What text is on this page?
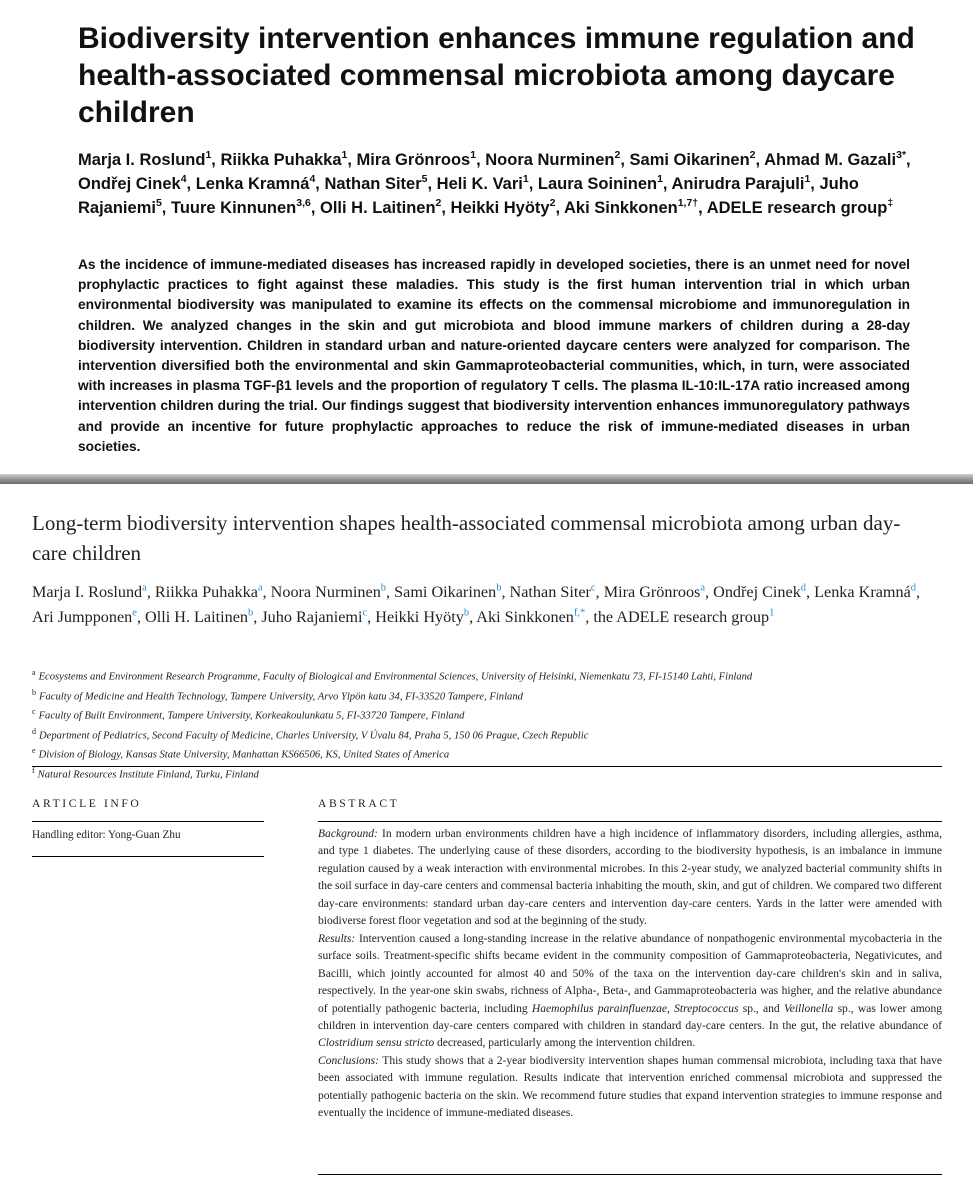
Biodiversity intervention enhances immune regulation and health-associated commensal microbiota among daycare children
Marja I. Roslund$^1$, Riikka Puhakka$^1$, Mira Grönroos$^1$, Noora Nurminen$^2$, Sami Oikarinen$^2$, Ahmad M. Gazali$^{3*}$, Ondřej Cinek$^4$, Lenka Kramná$^4$, Nathan Siter$^5$, Heli K. Vari$^1$, Laura Soininen$^1$, Anirudra Parajuli$^1$, Juho Rajaniemi$^5$, Tuure Kinnunen$^{3,6}$, Olli H. Laitinen$^2$, Heikki Hyöty$^2$, Aki Sinkkonen$^{1,7\dagger}$, ADELE research group‡

As the incidence of immune-mediated diseases has increased rapidly in developed societies, there is an unmet need for novel prophylactic practices to fight against these maladies. This study is the first human intervention trial in which urban environmental biodiversity was manipulated to examine its effects on the commensal microbiome and immunoregulation in children. We analyzed changes in the skin and gut microbiota and blood immune markers of children during a 28-day biodiversity intervention. Children in standard urban and nature-oriented daycare centers were analyzed for comparison. The intervention diversified both the environmental and skin Gammaproteobacterial communities, which, in turn, were associated with increases in plasma TGF-β1 levels and the proportion of regulatory T cells. The plasma IL-10:IL-17A ratio increased among intervention children during the trial. Our findings suggest that biodiversity intervention enhances immunoregulatory pathways and provide an incentive for future prophylactic approaches to reduce the risk of immune-mediated diseases in urban societies.

Long-term biodiversity intervention shapes health-associated commensal microbiota among urban day-care children
Marja I. Roslund$^a$, Riikka Puhakka$^a$, Noora Nurminen$^b$, Sami Oikarinen$^b$, Nathan Siter$^c$, Mira Grönroos$^a$, Ondřej Cinek$^d$, Lenka Kramná$^d$, Ari Jumpponen$^e$, Olli H. Laitinen$^b$, Juho Rajaniemi$^c$, Heikki Hyöty$^b$, Aki Sinkkonen$^{f,*}$, the ADELE research group$^1$
$^a$ Ecosystems and Environment Research Programme, Faculty of Biological and Environmental Sciences, University of Helsinki, Niemenkatu 73, FI-15140 Lahti, Finland
$^b$ Faculty of Medicine and Health Technology, Tampere University, Arvo Ylpön katu 34, FI-33520 Tampere, Finland
$^c$ Faculty of Built Environment, Tampere University, Korkeakoulunkatu 5, FI-33720 Tampere, Finland
$^d$ Department of Pediatrics, Second Faculty of Medicine, Charles University, V Úvalu 84, Praha 5, 150 06 Prague, Czech Republic
$^e$ Division of Biology, Kansas State University, Manhattan KS66506, KS, United States of America
$^f$ Natural Resources Institute Finland, Turku, Finland
ARTICLE INFO
Handling editor: Yong-Guan Zhu
ABSTRACT

Background: In modern urban environments children have a high incidence of inflammatory disorders, including allergies, asthma, and type 1 diabetes. The underlying cause of these disorders, according to the biodiversity hypothesis, is an imbalance in immune regulation caused by a weak interaction with environmental microbes. In this 2-year study, we analyzed bacterial community shifts in the soil surface in day-care centers and commensal bacteria inhabiting the mouth, skin, and gut of children. We compared two different day-care environments: standard urban day-care centers and intervention day-care centers. Yards in the latter were amended with biodiverse forest floor vegetation and sod at the beginning of the study.

Results: Intervention caused a long-standing increase in the relative abundance of nonpathogenic environmental mycobacteria in the surface soils. Treatment-specific shifts became evident in the community composition of Gammaproteobacteria, Negativicutes, and Bacilli, which jointly accounted for almost 40 and 50% of the taxa on the intervention day-care children's skin and in saliva, respectively. In the year-one skin swabs, richness of Alpha-, Beta-, and Gammaproteobacteria was higher, and the relative abundance of potentially pathogenic bacteria, including Haemophilus parainfluenzae, Streptococcus sp., and Veillonella sp., was lower among children in intervention day-care centers compared with children in standard day-care centers. In the gut, the relative abundance of Clostridium sensu stricto decreased, particularly among the intervention children.

Conclusions: This study shows that a 2-year biodiversity intervention shapes human commensal microbiota, including taxa that have been associated with immune regulation. Results indicate that intervention enriched commensal microbiota and suppressed the potentially pathogenic bacteria on the skin. We recommend future studies that expand intervention strategies to immune response and eventually the incidence of immune-mediated diseases.
